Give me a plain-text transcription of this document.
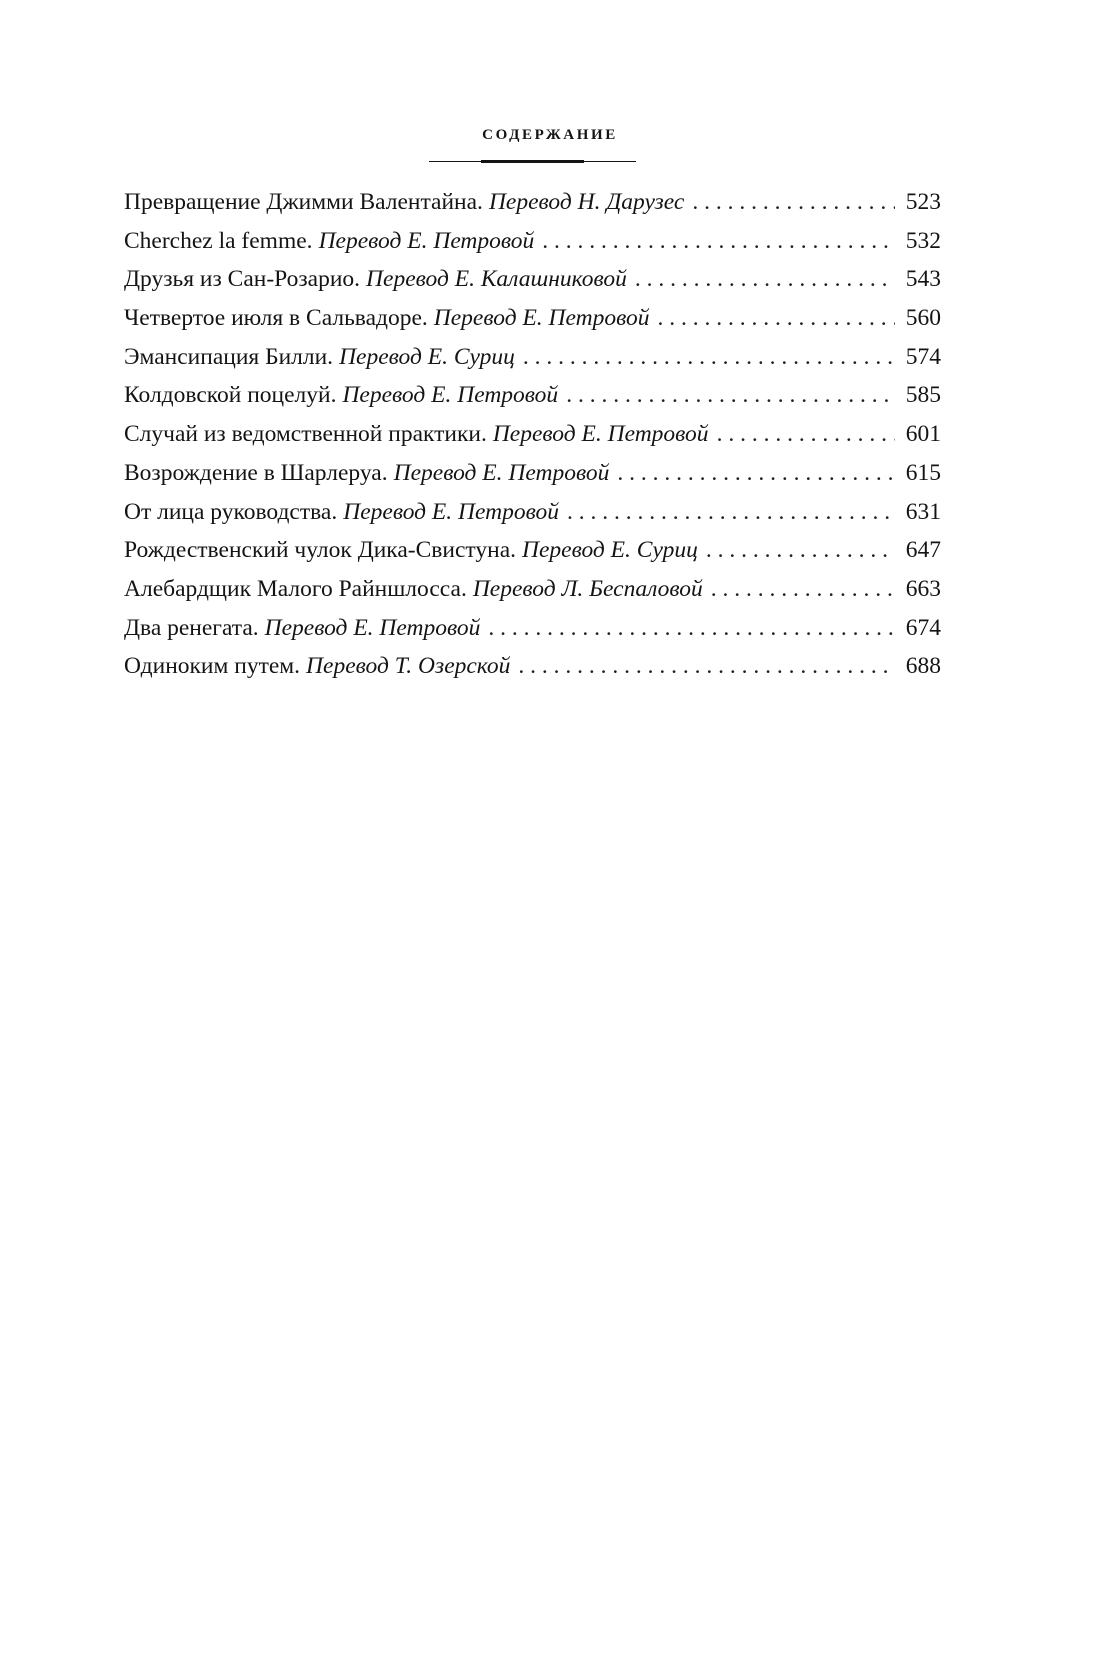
СОДЕРЖАНИЕ
Превращение Джимми Валентайна. Перевод Н. Дарузес . . .	523
Cherchez la femme. Перевод Е. Петровой . . .	532
Друзья из Сан-Розарио. Перевод Е. Калашниковой . . .	543
Четвертое июля в Сальвадоре. Перевод Е. Петровой . . .	560
Эмансипация Билли. Перевод Е. Суриц . . .	574
Колдовской поцелуй. Перевод Е. Петровой . . .	585
Случай из ведомственной практики. Перевод Е. Петровой . . .	601
Возрождение в Шарлеруа. Перевод Е. Петровой . . .	615
От лица руководства. Перевод Е. Петровой . . .	631
Рождественский чулок Дика-Свистуна. Перевод Е. Суриц . . .	647
Алебардщик Малого Райншлосса. Перевод Л. Беспаловой . . .	663
Два ренегата. Перевод Е. Петровой . . .	674
Одиноким путем. Перевод Т. Озерской . . .	688
